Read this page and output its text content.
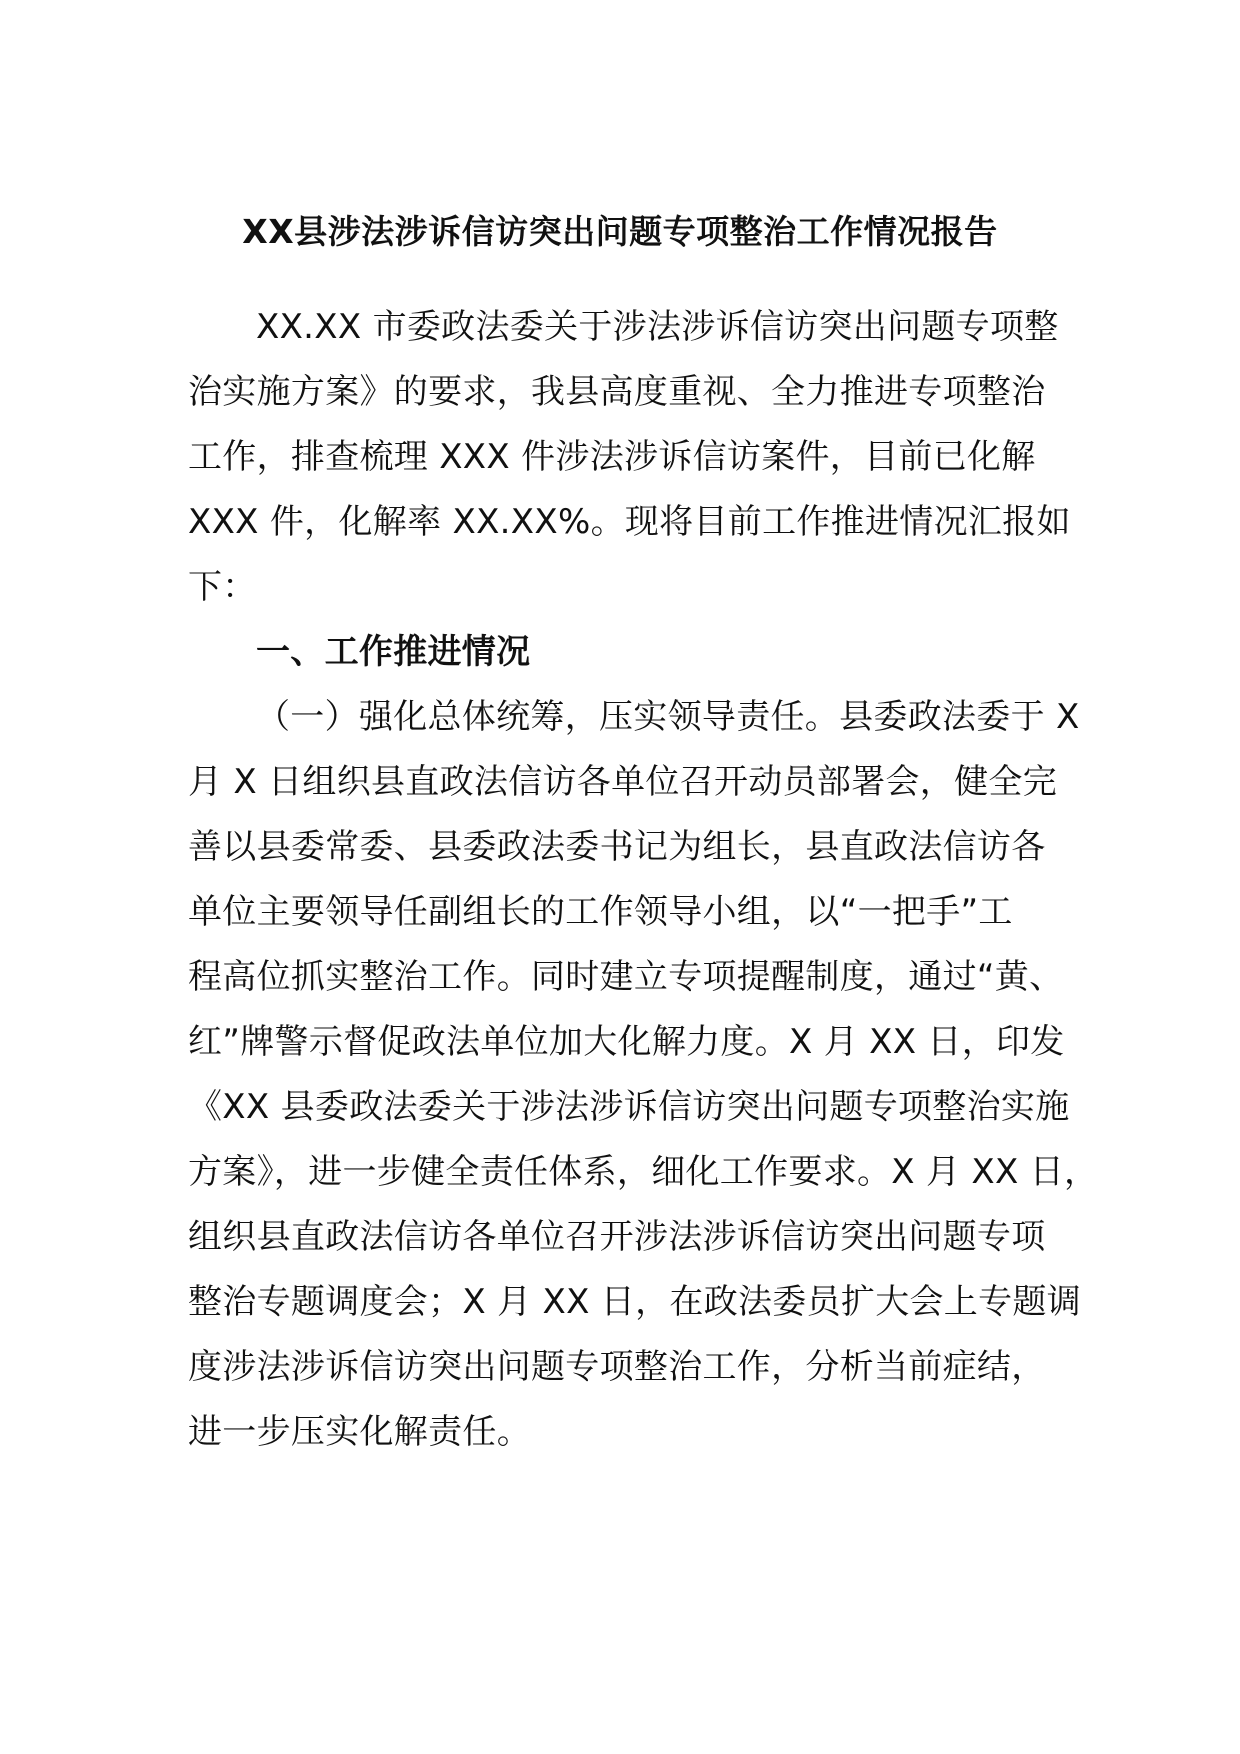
XX县涉法涉诉信访突出问题专项整治工作情况报告
XX.XX 市委政法委关于涉法涉诉信访突出问题专项整
治实施方案》的要求，我县高度重视、全力推进专项整治
工作，排查梳理 XXX 件涉法涉诉信访案件，目前已化解
XXX 件，化解率 XX.XX%。现将目前工作推进情况汇报如
下：
一、工作推进情况
（一）强化总体统筹，压实领导责任。县委政法委于 X
月 X 日组织县直政法信访各单位召开动员部署会，健全完
善以县委常委、县委政法委书记为组长，县直政法信访各
单位主要领导任副组长的工作领导小组，以“一把手”工
程高位抓实整治工作。同时建立专项提醒制度，通过“黄、
红”牌警示督促政法单位加大化解力度。X 月 XX 日，印发
《XX 县委政法委关于涉法涉诉信访突出问题专项整治实施
方案》，进一步健全责任体系，细化工作要求。X 月 XX 日，
组织县直政法信访各单位召开涉法涉诉信访突出问题专项
整治专题调度会；X 月 XX 日，在政法委员扩大会上专题调
度涉法涉诉信访突出问题专项整治工作，分析当前症结，
进一步压实化解责任。
